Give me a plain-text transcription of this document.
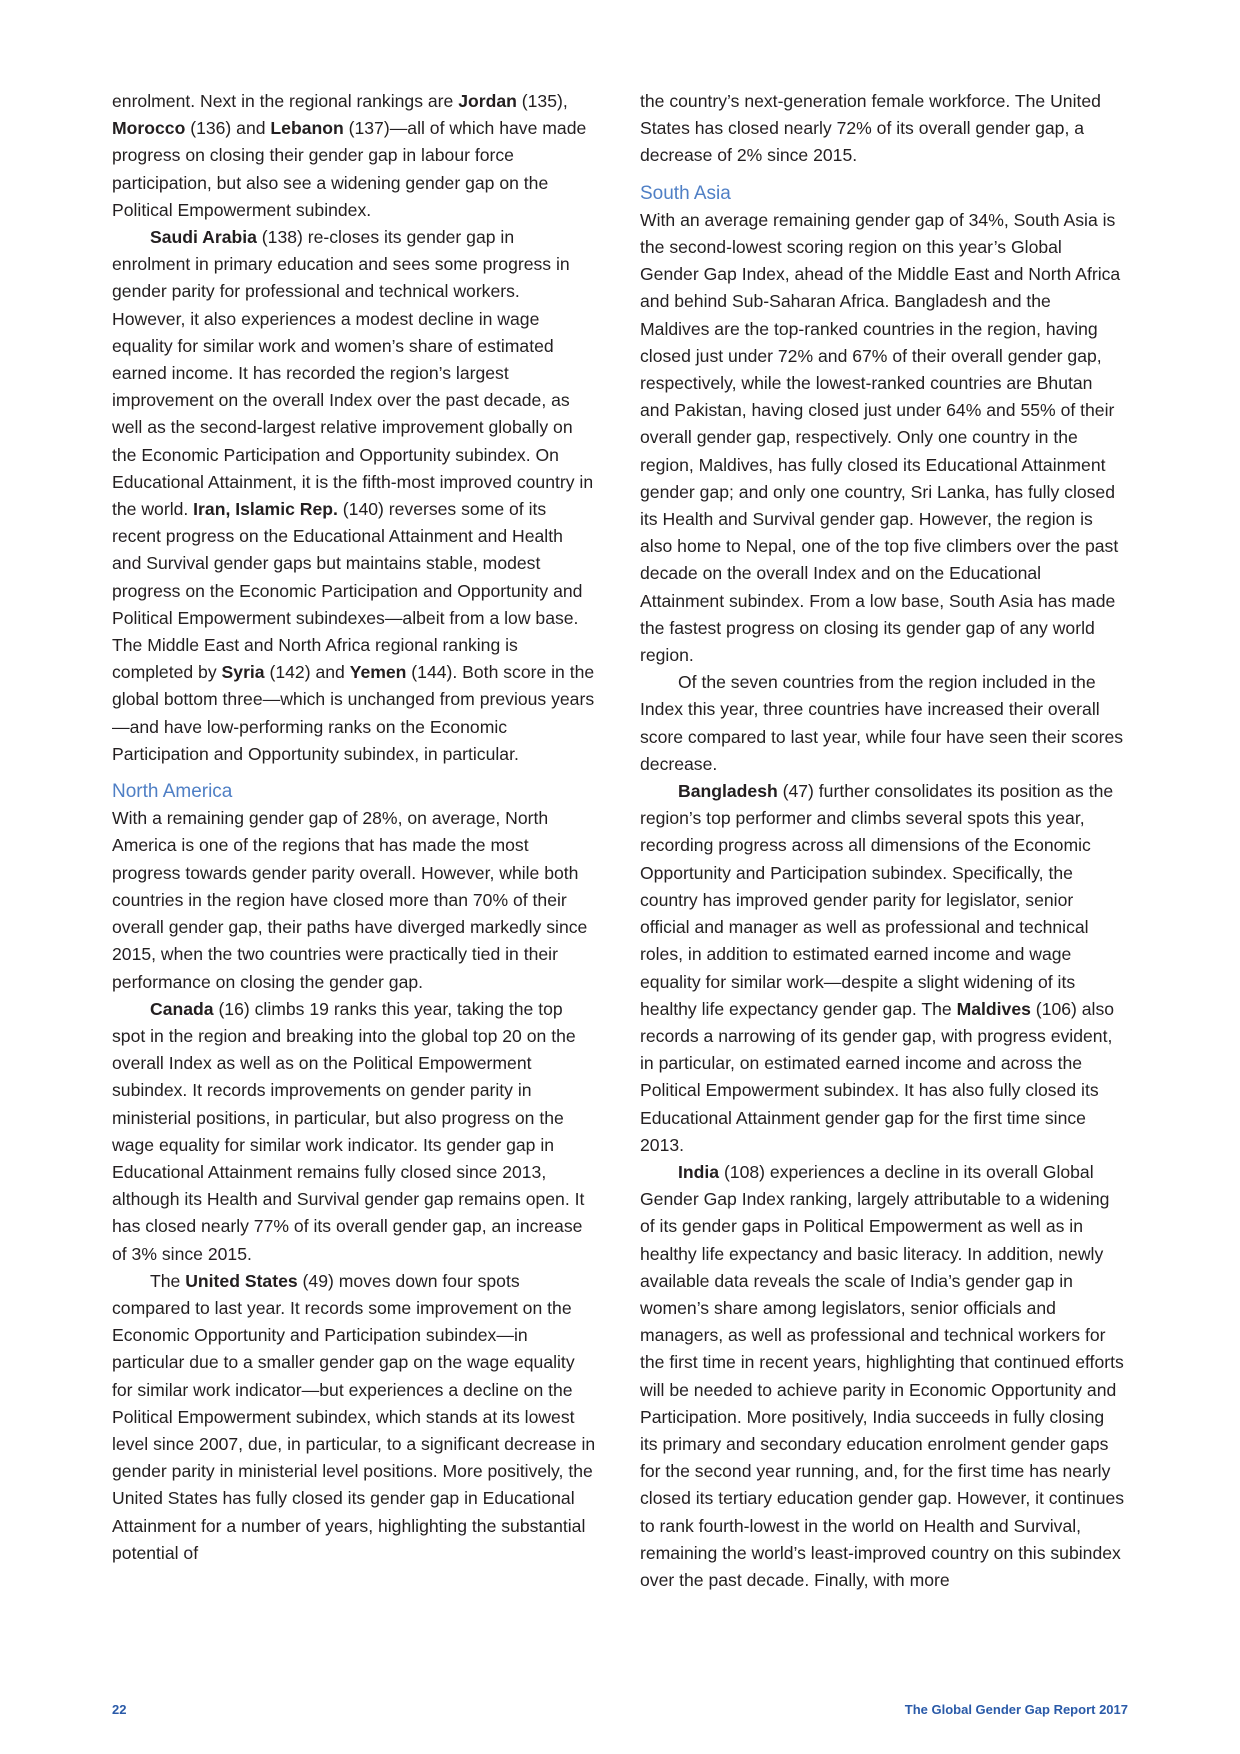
enrolment. Next in the regional rankings are Jordan (135), Morocco (136) and Lebanon (137)—all of which have made progress on closing their gender gap in labour force participation, but also see a widening gender gap on the Political Empowerment subindex.

Saudi Arabia (138) re-closes its gender gap in enrolment in primary education and sees some progress in gender parity for professional and technical workers. However, it also experiences a modest decline in wage equality for similar work and women’s share of estimated earned income. It has recorded the region’s largest improvement on the overall Index over the past decade, as well as the second-largest relative improvement globally on the Economic Participation and Opportunity subindex. On Educational Attainment, it is the fifth-most improved country in the world. Iran, Islamic Rep. (140) reverses some of its recent progress on the Educational Attainment and Health and Survival gender gaps but maintains stable, modest progress on the Economic Participation and Opportunity and Political Empowerment subindexes—albeit from a low base. The Middle East and North Africa regional ranking is completed by Syria (142) and Yemen (144). Both score in the global bottom three—which is unchanged from previous years—and have low-performing ranks on the Economic Participation and Opportunity subindex, in particular.

North America

With a remaining gender gap of 28%, on average, North America is one of the regions that has made the most progress towards gender parity overall. However, while both countries in the region have closed more than 70% of their overall gender gap, their paths have diverged markedly since 2015, when the two countries were practically tied in their performance on closing the gender gap.

Canada (16) climbs 19 ranks this year, taking the top spot in the region and breaking into the global top 20 on the overall Index as well as on the Political Empowerment subindex. It records improvements on gender parity in ministerial positions, in particular, but also progress on the wage equality for similar work indicator. Its gender gap in Educational Attainment remains fully closed since 2013, although its Health and Survival gender gap remains open. It has closed nearly 77% of its overall gender gap, an increase of 3% since 2015.

The United States (49) moves down four spots compared to last year. It records some improvement on the Economic Opportunity and Participation subindex—in particular due to a smaller gender gap on the wage equality for similar work indicator—but experiences a decline on the Political Empowerment subindex, which stands at its lowest level since 2007, due, in particular, to a significant decrease in gender parity in ministerial level positions. More positively, the United States has fully closed its gender gap in Educational Attainment for a number of years, highlighting the substantial potential of

the country’s next-generation female workforce. The United States has closed nearly 72% of its overall gender gap, a decrease of 2% since 2015.

South Asia

With an average remaining gender gap of 34%, South Asia is the second-lowest scoring region on this year’s Global Gender Gap Index, ahead of the Middle East and North Africa and behind Sub-Saharan Africa. Bangladesh and the Maldives are the top-ranked countries in the region, having closed just under 72% and 67% of their overall gender gap, respectively, while the lowest-ranked countries are Bhutan and Pakistan, having closed just under 64% and 55% of their overall gender gap, respectively. Only one country in the region, Maldives, has fully closed its Educational Attainment gender gap; and only one country, Sri Lanka, has fully closed its Health and Survival gender gap. However, the region is also home to Nepal, one of the top five climbers over the past decade on the overall Index and on the Educational Attainment subindex. From a low base, South Asia has made the fastest progress on closing its gender gap of any world region.

Of the seven countries from the region included in the Index this year, three countries have increased their overall score compared to last year, while four have seen their scores decrease.

Bangladesh (47) further consolidates its position as the region’s top performer and climbs several spots this year, recording progress across all dimensions of the Economic Opportunity and Participation subindex. Specifically, the country has improved gender parity for legislator, senior official and manager as well as professional and technical roles, in addition to estimated earned income and wage equality for similar work—despite a slight widening of its healthy life expectancy gender gap. The Maldives (106) also records a narrowing of its gender gap, with progress evident, in particular, on estimated earned income and across the Political Empowerment subindex. It has also fully closed its Educational Attainment gender gap for the first time since 2013.

India (108) experiences a decline in its overall Global Gender Gap Index ranking, largely attributable to a widening of its gender gaps in Political Empowerment as well as in healthy life expectancy and basic literacy. In addition, newly available data reveals the scale of India’s gender gap in women’s share among legislators, senior officials and managers, as well as professional and technical workers for the first time in recent years, highlighting that continued efforts will be needed to achieve parity in Economic Opportunity and Participation. More positively, India succeeds in fully closing its primary and secondary education enrolment gender gaps for the second year running, and, for the first time has nearly closed its tertiary education gender gap. However, it continues to rank fourth-lowest in the world on Health and Survival, remaining the world’s least-improved country on this subindex over the past decade. Finally, with more

22	The Global Gender Gap Report 2017
